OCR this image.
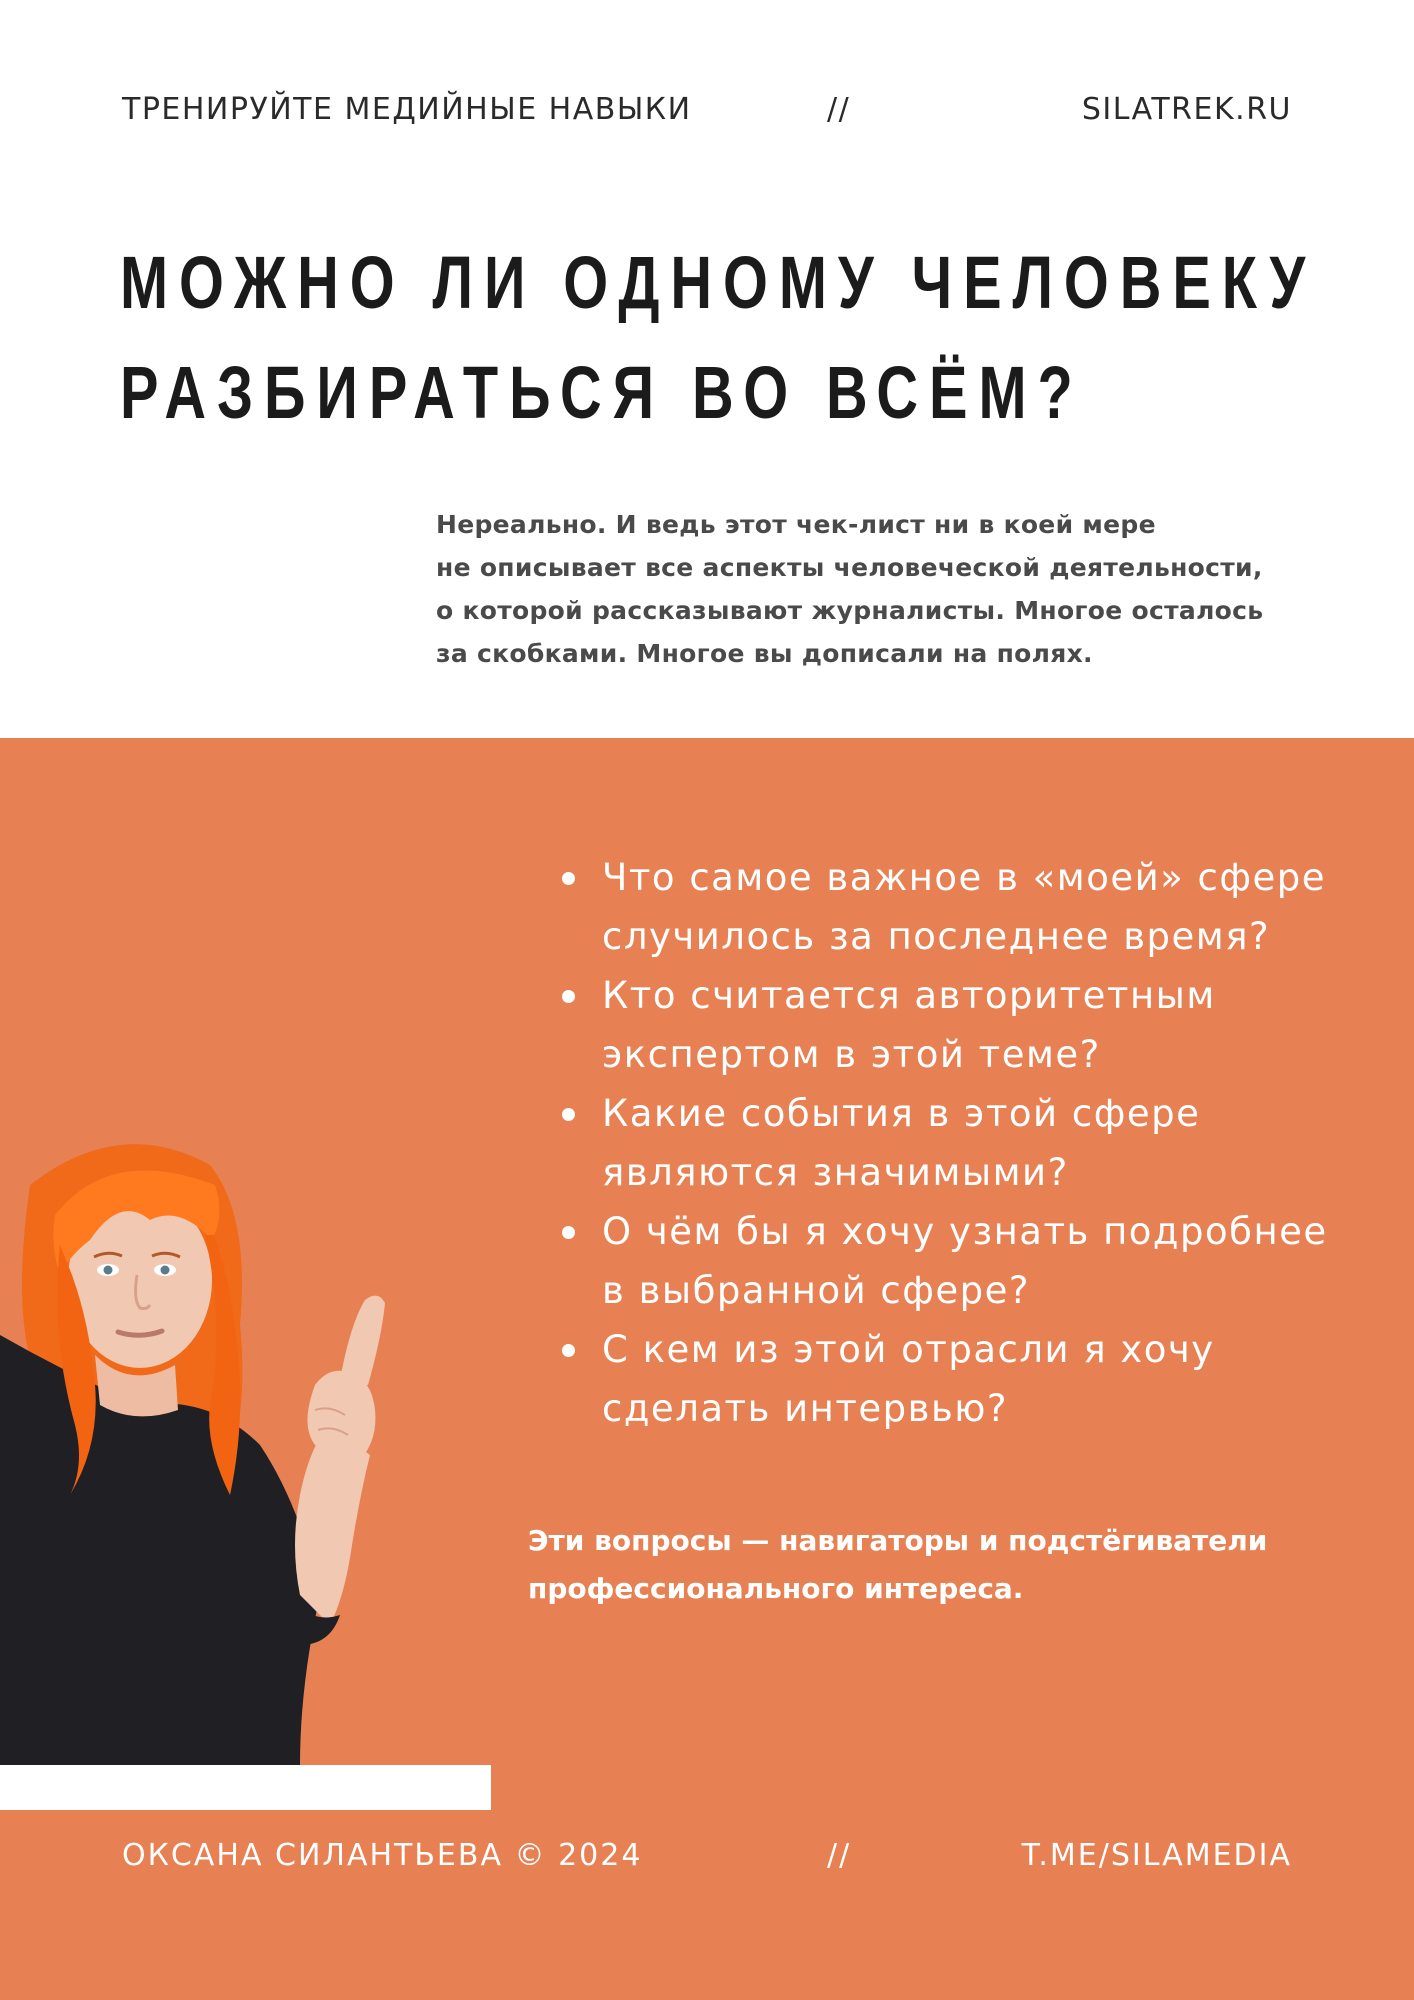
ТРЕНИРУЙТЕ МЕДИЙНЫЕ НАВЫКИ	//	SILATREK.RU
МОЖНО ЛИ ОДНОМУ ЧЕЛОВЕКУ
РАЗБИРАТЬСЯ ВО ВСЁМ?
Нереально. И ведь этот чек-лист ни в коей мере
не описывает все аспекты человеческой деятельности,
о которой рассказывают журналисты. Многое осталось
за скобками. Многое вы дописали на полях.
Что самое важное в «моей» сфере
случилось за последнее время?
Кто считается авторитетным
экспертом в этой теме?
Какие события в этой сфере
являются значимыми?
О чём бы я хочу узнать подробнее
в выбранной сфере?
С кем из этой отрасли я хочу
сделать интервью?
Эти вопросы — навигаторы и подстёгиватели
профессионального интереса.
ОКСАНА СИЛАНТЬЕВА © 2024	//	T.ME/SILAMEDIA
